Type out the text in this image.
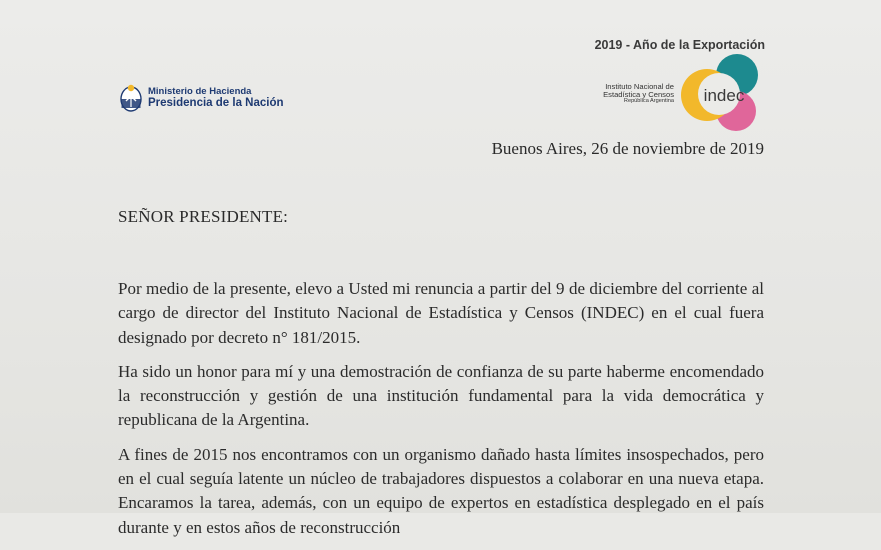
2019 - Año de la Exportación
Ministerio de Hacienda
Presidencia de la Nación
Instituto Nacional de
Estadística y Censos
República Argentina indec
Buenos Aires, 26 de noviembre de 2019
SEÑOR PRESIDENTE:

Por medio de la presente, elevo a Usted mi renuncia a partir del 9 de diciembre del corriente al cargo de director del Instituto Nacional de Estadística y Censos (INDEC) en el cual fuera designado por decreto n° 181/2015.

Ha sido un honor para mí y una demostración de confianza de su parte haberme encomendado la reconstrucción y gestión de una institución fundamental para la vida democrática y republicana de la Argentina.

A fines de 2015 nos encontramos con un organismo dañado hasta límites insospechados, pero en el cual seguía latente un núcleo de trabajadores dispuestos a colaborar en una nueva etapa. Encaramos la tarea, además, con un equipo de expertos en estadística desplegado en el país durante y en estos años de reconstrucción
